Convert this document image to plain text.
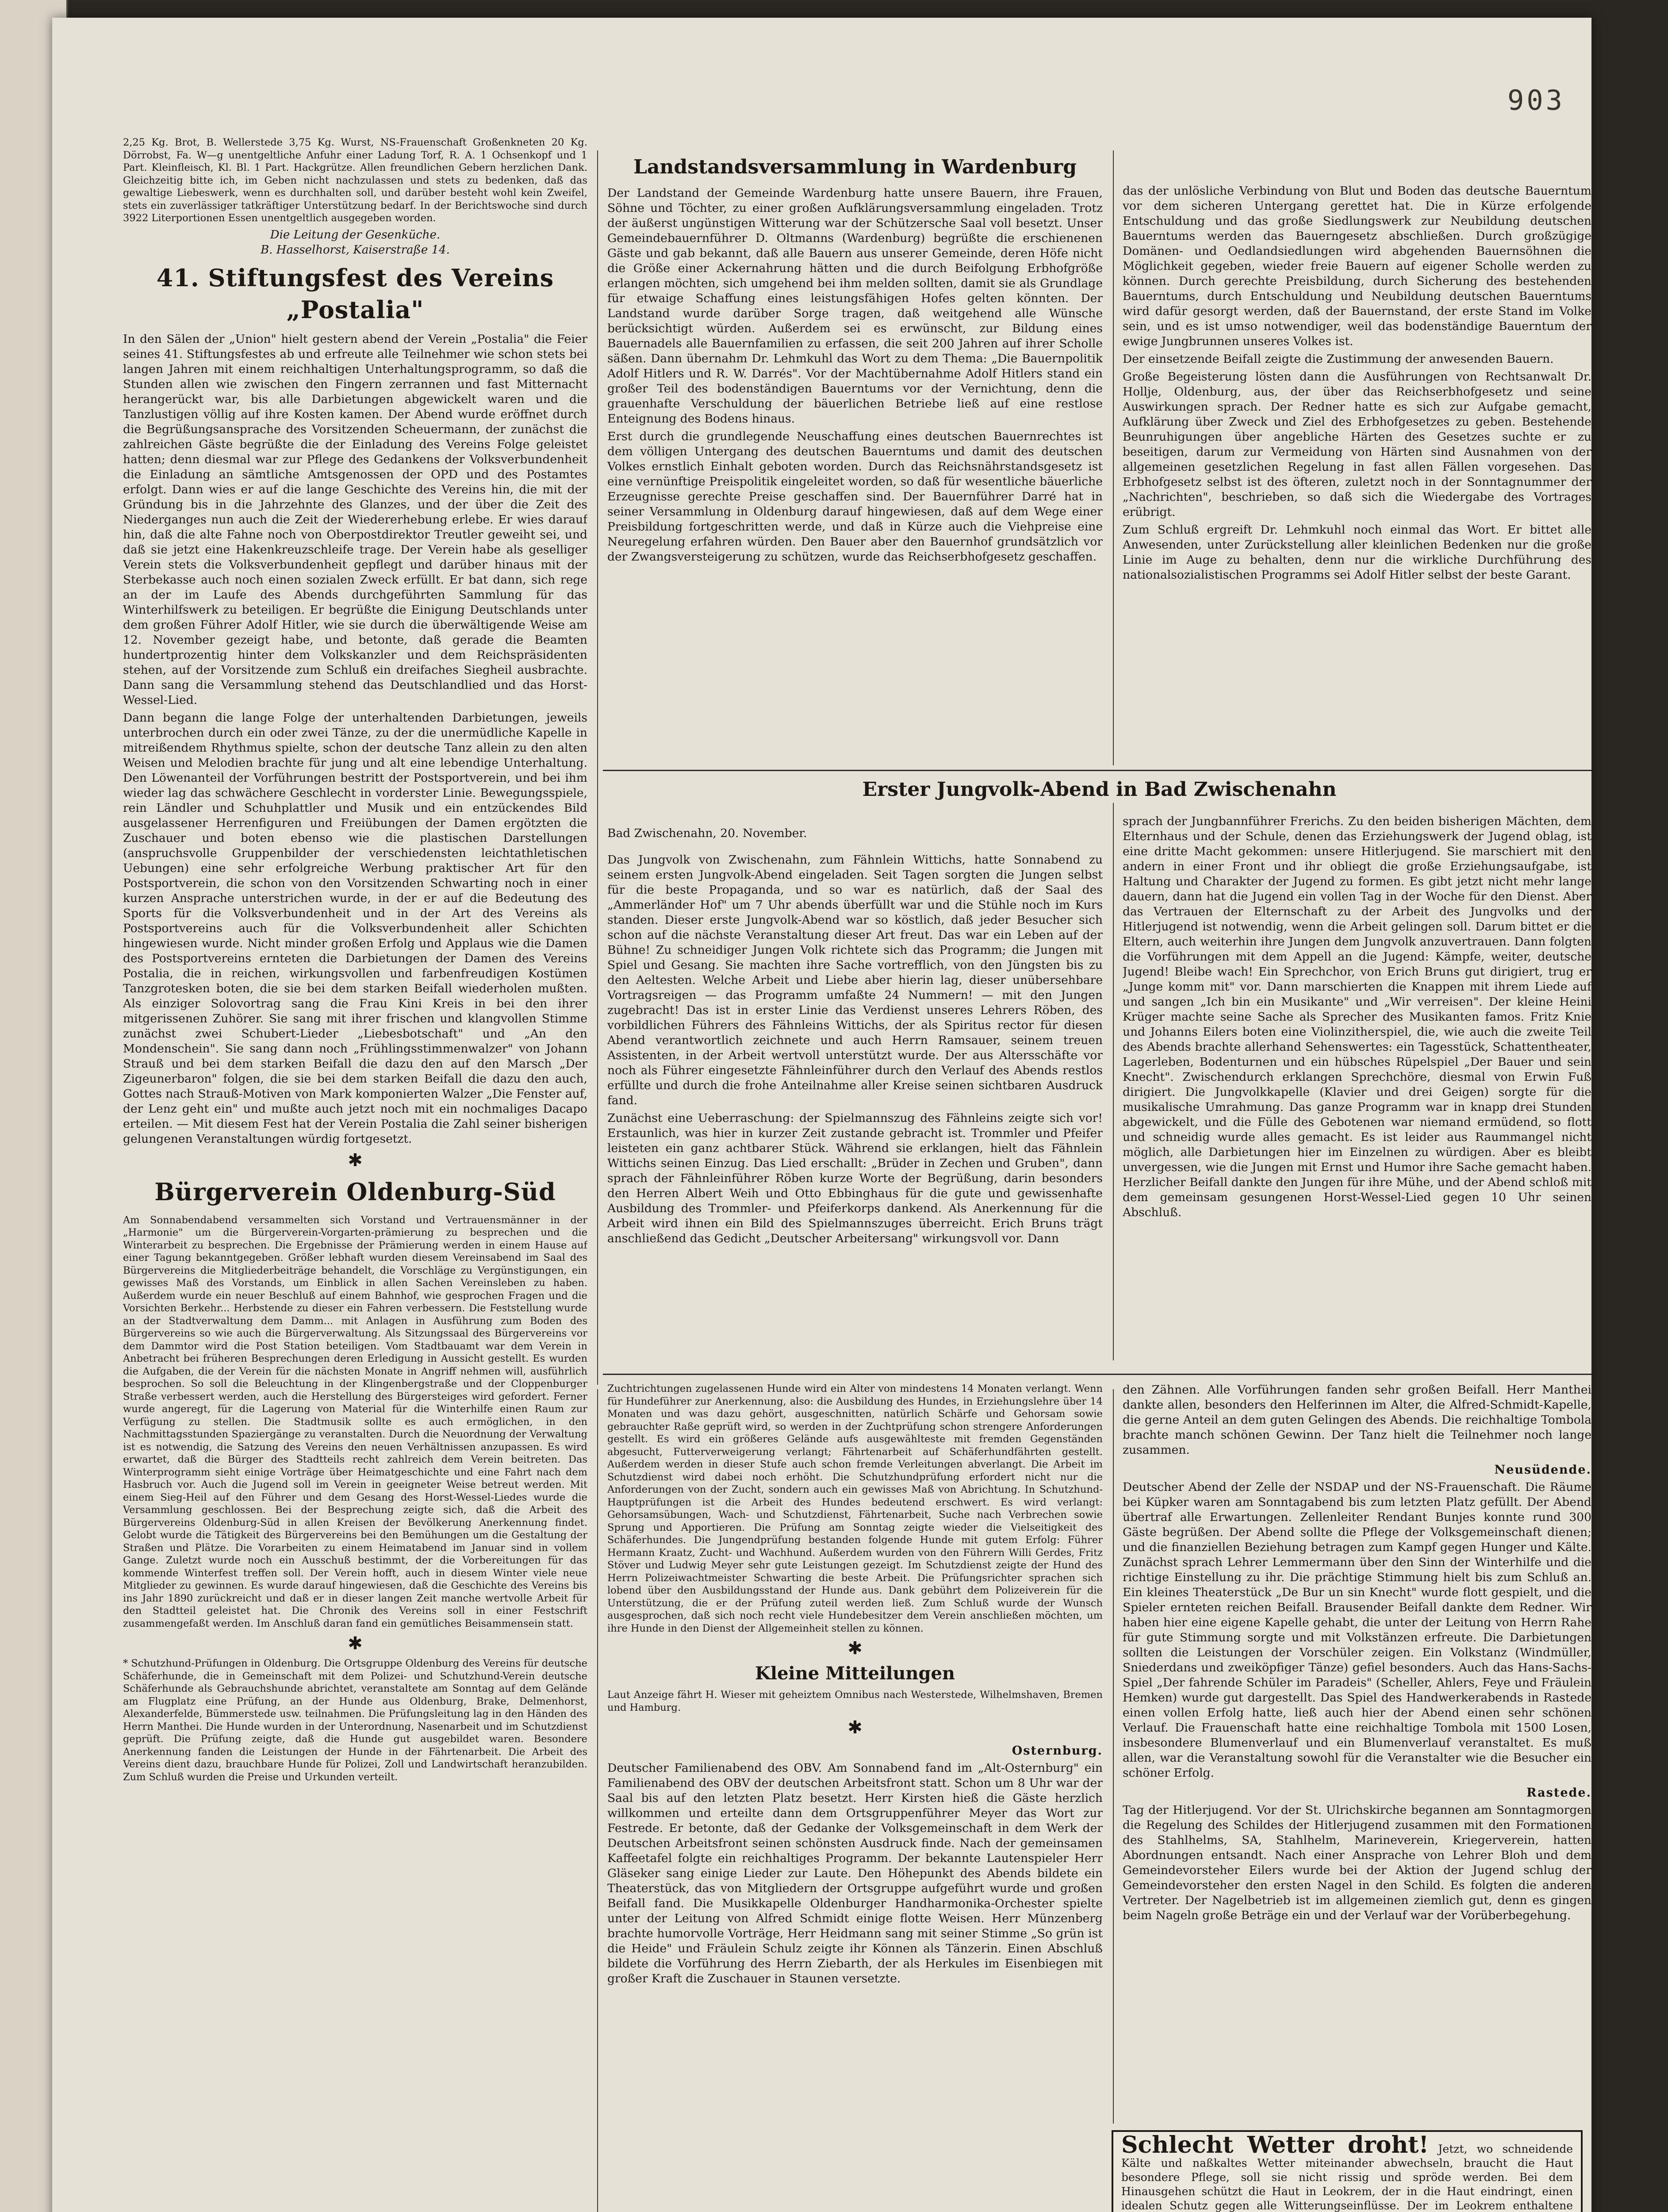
903

2,25 Kg. Brot, B. Wellerstede 3,75 Kg. Wurst, NS-Frauenschaft Großenkneten 20 Kg. Dörrobst, Fa. W—g unentgeltliche Anfuhr einer Ladung Torf, R. A. 1 Ochsenkopf und 1 Part. Kleinfleisch, Kl. Bl. 1 Part. Hackgrütze. Allen freundlichen Gebern herzlichen Dank. Gleichzeitig bitte ich, im Geben nicht nachzulassen und stets zu bedenken, daß das gewaltige Liebeswerk, wenn es durchhalten soll, und darüber besteht wohl kein Zweifel, stets ein zuverlässiger tatkräftiger Unterstützung bedarf. In der Berichtswoche sind durch 3922 Literportionen Essen unentgeltlich ausgegeben worden.

Die Leitung der Gesenküche.
B. Hasselhorst, Kaiserstraße 14.
41. Stiftungsfest des Vereins „Postalia"

In den Sälen der „Union" hielt gestern abend der Verein „Postalia" die Feier seines 41. Stiftungsfestes ab und erfreute alle Teilnehmer wie schon stets bei langen Jahren mit einem reichhaltigen Unterhaltungsprogramm, so daß die Stunden allen wie zwischen den Fingern zerrannen und fast Mitternacht herangerückt war, bis alle Darbietungen abgewickelt waren und die Tanzlustigen völlig auf ihre Kosten kamen. Der Abend wurde eröffnet durch die Begrüßungsansprache des Vorsitzenden Scheuermann, der zunächst die zahlreichen Gäste begrüßte die der Einladung des Vereins Folge geleistet hatten; denn diesmal war zur Pflege des Gedankens der Volksverbundenheit die Einladung an sämtliche Amtsgenossen der OPD und des Postamtes erfolgt. Dann wies er auf die lange Geschichte des Vereins hin, die mit der Gründung bis in die Jahrzehnte des Glanzes, und der über die Zeit des Niederganges nun auch die Zeit der Wiedererhebung erlebe. Er wies darauf hin, daß die alte Fahne noch von Oberpostdirektor Treutler geweiht sei, und daß sie jetzt eine Hakenkreuzschleife trage. Der Verein habe als geselliger Verein stets die Volksverbundenheit gepflegt und darüber hinaus mit der Sterbekasse auch noch einen sozialen Zweck erfüllt. Er bat dann, sich rege an der im Laufe des Abends durchgeführten Sammlung für das Winterhilfswerk zu beteiligen. Er begrüßte die Einigung Deutschlands unter dem großen Führer Adolf Hitler, wie sie durch die überwältigende Weise am 12. November gezeigt habe, und betonte, daß gerade die Beamten hundertprozentig hinter dem Volkskanzler und dem Reichspräsidenten stehen, auf der Vorsitzende zum Schluß ein dreifaches Siegheil ausbrachte. Dann sang die Versammlung stehend das Deutschlandlied und das Horst-Wessel-Lied.

Dann begann die lange Folge der unterhaltenden Darbietungen, jeweils unterbrochen durch ein oder zwei Tänze, zu der die unermüdliche Kapelle in mitreißendem Rhythmus spielte, schon der deutsche Tanz allein zu den alten Weisen und Melodien brachte für jung und alt eine lebendige Unterhaltung. Den Löwenanteil der Vorführungen bestritt der Postsportverein, und bei ihm wieder lag das schwächere Geschlecht in vorderster Linie. Bewegungsspiele, rein Ländler und Schuhplattler und Musik und ein entzückendes Bild ausgelassener Herrenfiguren und Freiübungen der Damen ergötzten die Zuschauer und boten ebenso wie die plastischen Darstellungen (anspruchsvolle Gruppenbilder der verschiedensten leichtathletischen Uebungen) eine sehr erfolgreiche Werbung praktischer Art für den Postsportverein, die schon von den Vorsitzenden Schwarting noch in einer kurzen Ansprache unterstrichen wurde, in der er auf die Bedeutung des Sports für die Volksverbundenheit und in der Art des Vereins als Postsportvereins auch für die Volksverbundenheit aller Schichten hingewiesen wurde. Nicht minder großen Erfolg und Applaus wie die Damen des Postsportvereins ernteten die Darbietungen der Damen des Vereins Postalia, die in reichen, wirkungsvollen und farbenfreudigen Kostümen Tanzgrotesken boten, die sie bei dem starken Beifall wiederholen mußten. Als einziger Solovortrag sang die Frau Kini Kreis in bei den ihrer mitgerissenen Zuhörer. Sie sang mit ihrer frischen und klangvollen Stimme zunächst zwei Schubert-Lieder „Liebesbotschaft" und „An den Mondenschein". Sie sang dann noch „Frühlingsstimmenwalzer" von Johann Strauß und bei dem starken Beifall die dazu den auf den Marsch „Der Zigeunerbaron" folgen, die sie bei dem starken Beifall die dazu den auch, Gottes nach Strauß-Motiven von Mark komponierten Walzer „Die Fenster auf, der Lenz geht ein" und mußte auch jetzt noch mit ein nochmaliges Dacapo erteilen. — Mit diesem Fest hat der Verein Postalia die Zahl seiner bisherigen gelungenen Veranstaltungen würdig fortgesetzt.

✱
Bürgerverein Oldenburg-Süd

Am Sonnabendabend versammelten sich Vorstand und Vertrauensmänner in der „Harmonie" um die Bürgerverein-Vorgarten-prämierung zu besprechen und die Winterarbeit zu besprechen. Die Ergebnisse der Prämierung werden in einem Hause auf einer Tagung bekanntgegeben. Größer lebhaft wurden diesem Vereinsabend im Saal des Bürgervereins die Mitgliederbeiträge behandelt, die Vorschläge zu Vergünstigungen, ein gewisses Maß des Vorstands, um Einblick in allen Sachen Vereinsleben zu haben. Außerdem wurde ein neuer Beschluß auf einem Bahnhof, wie gesprochen Fragen und die Vorsichten Berkehr... Herbstende zu dieser ein Fahren verbessern. Die Feststellung wurde an der Stadtverwaltung dem Damm... mit Anlagen in Ausführung zum Boden des Bürgervereins so wie auch die Bürgerverwaltung. Als Sitzungssaal des Bürgervereins vor dem Dammtor wird die Post Station beteiligen. Vom Stadtbauamt war dem Verein in Anbetracht bei früheren Besprechungen deren Erledigung in Aussicht gestellt. Es wurden die Aufgaben, die der Verein für die nächsten Monate in Angriff nehmen will, ausführlich besprochen. So soll die Beleuchtung in der Klingenbergstraße und der Cloppenburger Straße verbessert werden, auch die Herstellung des Bürgersteiges wird gefordert. Ferner wurde angeregt, für die Lagerung von Material für die Winterhilfe einen Raum zur Verfügung zu stellen. Die Stadtmusik sollte es auch ermöglichen, in den Nachmittagsstunden Spaziergänge zu veranstalten. Durch die Neuordnung der Verwaltung ist es notwendig, die Satzung des Vereins den neuen Verhältnissen anzupassen. Es wird erwartet, daß die Bürger des Stadtteils recht zahlreich dem Verein beitreten. Das Winterprogramm sieht einige Vorträge über Heimatgeschichte und eine Fahrt nach dem Hasbruch vor. Auch die Jugend soll im Verein in geeigneter Weise betreut werden. Mit einem Sieg-Heil auf den Führer und dem Gesang des Horst-Wessel-Liedes wurde die Versammlung geschlossen. Bei der Besprechung zeigte sich, daß die Arbeit des Bürgervereins Oldenburg-Süd in allen Kreisen der Bevölkerung Anerkennung findet. Gelobt wurde die Tätigkeit des Bürgervereins bei den Bemühungen um die Gestaltung der Straßen und Plätze. Die Vorarbeiten zu einem Heimatabend im Januar sind in vollem Gange. Zuletzt wurde noch ein Ausschuß bestimmt, der die Vorbereitungen für das kommende Winterfest treffen soll. Der Verein hofft, auch in diesem Winter viele neue Mitglieder zu gewinnen. Es wurde darauf hingewiesen, daß die Geschichte des Vereins bis ins Jahr 1890 zurückreicht und daß er in dieser langen Zeit manche wertvolle Arbeit für den Stadtteil geleistet hat. Die Chronik des Vereins soll in einer Festschrift zusammengefaßt werden. Im Anschluß daran fand ein gemütliches Beisammensein statt.

✱

* Schutzhund-Prüfungen in Oldenburg. Die Ortsgruppe Oldenburg des Vereins für deutsche Schäferhunde, die in Gemeinschaft mit dem Polizei- und Schutzhund-Verein deutsche Schäferhunde als Gebrauchshunde abrichtet, veranstaltete am Sonntag auf dem Gelände am Flugplatz eine Prüfung, an der Hunde aus Oldenburg, Brake, Delmenhorst, Alexanderfelde, Bümmerstede usw. teilnahmen. Die Prüfungsleitung lag in den Händen des Herrn Manthei. Die Hunde wurden in der Unterordnung, Nasenarbeit und im Schutzdienst geprüft. Die Prüfung zeigte, daß die Hunde gut ausgebildet waren. Besondere Anerkennung fanden die Leistungen der Hunde in der Fährtenarbeit. Die Arbeit des Vereins dient dazu, brauchbare Hunde für Polizei, Zoll und Landwirtschaft heranzubilden. Zum Schluß wurden die Preise und Urkunden verteilt.

Landstandsversammlung in Wardenburg

Der Landstand der Gemeinde Wardenburg hatte unsere Bauern, ihre Frauen, Söhne und Töchter, zu einer großen Aufklärungsversammlung eingeladen. Trotz der äußerst ungünstigen Witterung war der Schützersche Saal voll besetzt. Unser Gemeindebauernführer D. Oltmanns (Wardenburg) begrüßte die erschienenen Gäste und gab bekannt, daß alle Bauern aus unserer Gemeinde, deren Höfe nicht die Größe einer Ackernahrung hätten und die durch Beifolgung Erbhofgröße erlangen möchten, sich umgehend bei ihm melden sollten, damit sie als Grundlage für etwaige Schaffung eines leistungsfähigen Hofes gelten könnten. Der Landstand wurde darüber Sorge tragen, daß weitgehend alle Wünsche berücksichtigt würden. Außerdem sei es erwünscht, zur Bildung eines Bauernadels alle Bauernfamilien zu erfassen, die seit 200 Jahren auf ihrer Scholle säßen. Dann übernahm Dr. Lehmkuhl das Wort zu dem Thema: „Die Bauernpolitik Adolf Hitlers und R. W. Darrés". Vor der Machtübernahme Adolf Hitlers stand ein großer Teil des bodenständigen Bauerntums vor der Vernichtung, denn die grauenhafte Verschuldung der bäuerlichen Betriebe ließ auf eine restlose Enteignung des Bodens hinaus.

Erst durch die grundlegende Neuschaffung eines deutschen Bauernrechtes ist dem völligen Untergang des deutschen Bauerntums und damit des deutschen Volkes ernstlich Einhalt geboten worden. Durch das Reichsnährstandsgesetz ist eine vernünftige Preispolitik eingeleitet worden, so daß für wesentliche bäuerliche Erzeugnisse gerechte Preise geschaffen sind. Der Bauernführer Darré hat in seiner Versammlung in Oldenburg darauf hingewiesen, daß auf dem Wege einer Preisbildung fortgeschritten werde, und daß in Kürze auch die Viehpreise eine Neuregelung erfahren würden. Den Bauer aber den Bauernhof grundsätzlich vor der Zwangsversteigerung zu schützen, wurde das Reichserbhofgesetz geschaffen.

das der unlösliche Verbindung von Blut und Boden das deutsche Bauerntum vor dem sicheren Untergang gerettet hat. Die in Kürze erfolgende Entschuldung und das große Siedlungswerk zur Neubildung deutschen Bauerntums werden das Bauerngesetz abschließen. Durch großzügige Domänen- und Oedlandsiedlungen wird abgehenden Bauernsöhnen die Möglichkeit gegeben, wieder freie Bauern auf eigener Scholle werden zu können. Durch gerechte Preisbildung, durch Sicherung des bestehenden Bauerntums, durch Entschuldung und Neubildung deutschen Bauerntums wird dafür gesorgt werden, daß der Bauernstand, der erste Stand im Volke sein, und es ist umso notwendiger, weil das bodenständige Bauerntum der ewige Jungbrunnen unseres Volkes ist.

Der einsetzende Beifall zeigte die Zustimmung der anwesenden Bauern.

Große Begeisterung lösten dann die Ausführungen von Rechtsanwalt Dr. Hollje, Oldenburg, aus, der über das Reichserbhofgesetz und seine Auswirkungen sprach. Der Redner hatte es sich zur Aufgabe gemacht, Aufklärung über Zweck und Ziel des Erbhofgesetzes zu geben. Bestehende Beunruhigungen über angebliche Härten des Gesetzes suchte er zu beseitigen, darum zur Vermeidung von Härten sind Ausnahmen von der allgemeinen gesetzlichen Regelung in fast allen Fällen vorgesehen. Das Erbhofgesetz selbst ist des öfteren, zuletzt noch in der Sonntagnummer der „Nachrichten", beschrieben, so daß sich die Wiedergabe des Vortrages erübrigt.

Zum Schluß ergreift Dr. Lehmkuhl noch einmal das Wort. Er bittet alle Anwesenden, unter Zurückstellung aller kleinlichen Bedenken nur die große Linie im Auge zu behalten, denn nur die wirkliche Durchführung des nationalsozialistischen Programms sei Adolf Hitler selbst der beste Garant.

Erster Jungvolk-Abend in Bad Zwischenahn

Bad Zwischenahn, 20. November.

Das Jungvolk von Zwischenahn, zum Fähnlein Wittichs, hatte Sonnabend zu seinem ersten Jungvolk-Abend eingeladen. Seit Tagen sorgten die Jungen selbst für die beste Propaganda, und so war es natürlich, daß der Saal des „Ammerländer Hof" um 7 Uhr abends überfüllt war und die Stühle noch im Kurs standen. Dieser erste Jungvolk-Abend war so köstlich, daß jeder Besucher sich schon auf die nächste Veranstaltung dieser Art freut. Das war ein Leben auf der Bühne! Zu schneidiger Jungen Volk richtete sich das Programm; die Jungen mit Spiel und Gesang. Sie machten ihre Sache vortrefflich, von den Jüngsten bis zu den Aeltesten. Welche Arbeit und Liebe aber hierin lag, dieser unübersehbare Vortragsreigen — das Programm umfaßte 24 Nummern! — mit den Jungen zugebracht! Das ist in erster Linie das Verdienst unseres Lehrers Röben, des vorbildlichen Führers des Fähnleins Wittichs, der als Spiritus rector für diesen Abend verantwortlich zeichnete und auch Herrn Ramsauer, seinem treuen Assistenten, in der Arbeit wertvoll unterstützt wurde. Der aus Altersschäfte vor noch als Führer eingesetzte Fähnleinführer durch den Verlauf des Abends restlos erfüllte und durch die frohe Anteilnahme aller Kreise seinen sichtbaren Ausdruck fand.

Zunächst eine Ueberraschung: der Spielmannszug des Fähnleins zeigte sich vor! Erstaunlich, was hier in kurzer Zeit zustande gebracht ist. Trommler und Pfeifer leisteten ein ganz achtbarer Stück. Während sie erklangen, hielt das Fähnlein Wittichs seinen Einzug. Das Lied erschallt: „Brüder in Zechen und Gruben", dann sprach der Fähnleinführer Röben kurze Worte der Begrüßung, darin besonders den Herren Albert Weih und Otto Ebbinghaus für die gute und gewissenhafte Ausbildung des Trommler- und Pfeiferkorps dankend. Als Anerkennung für die Arbeit wird ihnen ein Bild des Spielmannszuges überreicht. Erich Bruns trägt anschließend das Gedicht „Deutscher Arbeitersang" wirkungsvoll vor. Dann

sprach der Jungbannführer Frerichs. Zu den beiden bisherigen Mächten, dem Elternhaus und der Schule, denen das Erziehungswerk der Jugend oblag, ist eine dritte Macht gekommen: unsere Hitlerjugend. Sie marschiert mit den andern in einer Front und ihr obliegt die große Erziehungsaufgabe, ist Haltung und Charakter der Jugend zu formen. Es gibt jetzt nicht mehr lange dauern, dann hat die Jugend ein vollen Tag in der Woche für den Dienst. Aber das Vertrauen der Elternschaft zu der Arbeit des Jungvolks und der Hitlerjugend ist notwendig, wenn die Arbeit gelingen soll. Darum bittet er die Eltern, auch weiterhin ihre Jungen dem Jungvolk anzuvertrauen. Dann folgten die Vorführungen mit dem Appell an die Jugend: Kämpfe, weiter, deutsche Jugend! Bleibe wach! Ein Sprechchor, von Erich Bruns gut dirigiert, trug er „Junge komm mit" vor. Dann marschierten die Knappen mit ihrem Liede auf und sangen „Ich bin ein Musikante" und „Wir verreisen". Der kleine Heini Krüger machte seine Sache als Sprecher des Musikanten famos. Fritz Knie und Johanns Eilers boten eine Violinzitherspiel, die, wie auch die zweite Teil des Abends brachte allerhand Sehenswertes: ein Tagesstück, Schattentheater, Lagerleben, Bodenturnen und ein hübsches Rüpelspiel „Der Bauer und sein Knecht". Zwischendurch erklangen Sprechchöre, diesmal von Erwin Fuß dirigiert. Die Jungvolkkapelle (Klavier und drei Geigen) sorgte für die musikalische Umrahmung. Das ganze Programm war in knapp drei Stunden abgewickelt, und die Fülle des Gebotenen war niemand ermüdend, so flott und schneidig wurde alles gemacht. Es ist leider aus Raummangel nicht möglich, alle Darbietungen hier im Einzelnen zu würdigen. Aber es bleibt unvergessen, wie die Jungen mit Ernst und Humor ihre Sache gemacht haben. Herzlicher Beifall dankte den Jungen für ihre Mühe, und der Abend schloß mit dem gemeinsam gesungenen Horst-Wessel-Lied gegen 10 Uhr seinen Abschluß.

Zuchtrichtungen zugelassenen Hunde wird ein Alter von mindestens 14 Monaten verlangt. Wenn für Hundeführer zur Anerkennung, also: die Ausbildung des Hundes, in Erziehungslehre über 14 Monaten und was dazu gehört, ausgeschnitten, natürlich Schärfe und Gehorsam sowie gebrauchter Raße geprüft wird, so werden in der Zuchtprüfung schon strengere Anforderungen gestellt. Es wird ein größeres Gelände aufs ausgewählteste mit fremden Gegenständen abgesucht, Futterverweigerung verlangt; Fährtenarbeit auf Schäferhundfährten gestellt. Außerdem werden in dieser Stufe auch schon fremde Verleitungen abverlangt. Die Arbeit im Schutzdienst wird dabei noch erhöht. Die Schutzhundprüfung erfordert nicht nur die Anforderungen von der Zucht, sondern auch ein gewisses Maß von Abrichtung. In Schutzhund-Hauptprüfungen ist die Arbeit des Hundes bedeutend erschwert. Es wird verlangt: Gehorsamsübungen, Wach- und Schutzdienst, Fährtenarbeit, Suche nach Verbrechen sowie Sprung und Apportieren. Die Prüfung am Sonntag zeigte wieder die Vielseitigkeit des Schäferhundes. Die Jungendprüfung bestanden folgende Hunde mit gutem Erfolg: Führer Hermann Kraatz, Zucht- und Wachhund. Außerdem wurden von den Führern Willi Gerdes, Fritz Stöver und Ludwig Meyer sehr gute Leistungen gezeigt. Im Schutzdienst zeigte der Hund des Herrn Polizeiwachtmeister Schwarting die beste Arbeit. Die Prüfungsrichter sprachen sich lobend über den Ausbildungsstand der Hunde aus. Dank gebührt dem Polizeiverein für die Unterstützung, die er der Prüfung zuteil werden ließ. Zum Schluß wurde der Wunsch ausgesprochen, daß sich noch recht viele Hundebesitzer dem Verein anschließen möchten, um ihre Hunde in den Dienst der Allgemeinheit stellen zu können.

✱
Kleine Mitteilungen

Laut Anzeige fährt H. Wieser mit geheiztem Omnibus nach Westerstede, Wilhelmshaven, Bremen und Hamburg.

✱
Osternburg.

Deutscher Familienabend des OBV. Am Sonnabend fand im „Alt-Osternburg" ein Familienabend des OBV der deutschen Arbeitsfront statt. Schon um 8 Uhr war der Saal bis auf den letzten Platz besetzt. Herr Kirsten hieß die Gäste herzlich willkommen und erteilte dann dem Ortsgruppenführer Meyer das Wort zur Festrede. Er betonte, daß der Gedanke der Volksgemeinschaft in dem Werk der Deutschen Arbeitsfront seinen schönsten Ausdruck finde. Nach der gemeinsamen Kaffeetafel folgte ein reichhaltiges Programm. Der bekannte Lautenspieler Herr Gläseker sang einige Lieder zur Laute. Den Höhepunkt des Abends bildete ein Theaterstück, das von Mitgliedern der Ortsgruppe aufgeführt wurde und großen Beifall fand. Die Musikkapelle Oldenburger Handharmonika-Orchester spielte unter der Leitung von Alfred Schmidt einige flotte Weisen. Herr Münzenberg brachte humorvolle Vorträge, Herr Heidmann sang mit seiner Stimme „So grün ist die Heide" und Fräulein Schulz zeigte ihr Können als Tänzerin. Einen Abschluß bildete die Vorführung des Herrn Ziebarth, der als Herkules im Eisenbiegen mit großer Kraft die Zuschauer in Staunen versetzte.

den Zähnen. Alle Vorführungen fanden sehr großen Beifall. Herr Manthei dankte allen, besonders den Helferinnen im Alter, die Alfred-Schmidt-Kapelle, die gerne Anteil an dem guten Gelingen des Abends. Die reichhaltige Tombola brachte manch schönen Gewinn. Der Tanz hielt die Teilnehmer noch lange zusammen.

Neusüdende.

Deutscher Abend der Zelle der NSDAP und der NS-Frauenschaft. Die Räume bei Küpker waren am Sonntagabend bis zum letzten Platz gefüllt. Der Abend übertraf alle Erwartungen. Zellenleiter Rendant Bunjes konnte rund 300 Gäste begrüßen. Der Abend sollte die Pflege der Volksgemeinschaft dienen; und die finanziellen Beziehung betragen zum Kampf gegen Hunger und Kälte. Zunächst sprach Lehrer Lemmermann über den Sinn der Winterhilfe und die richtige Einstellung zu ihr. Die prächtige Stimmung hielt bis zum Schluß an. Ein kleines Theaterstück „De Bur un sin Knecht" wurde flott gespielt, und die Spieler ernteten reichen Beifall. Brausender Beifall dankte dem Redner. Wir haben hier eine eigene Kapelle gehabt, die unter der Leitung von Herrn Rahe für gute Stimmung sorgte und mit Volkstänzen erfreute. Die Darbietungen sollten die Leistungen der Vorschüler zeigen. Ein Volkstanz (Windmüller, Sniederdans und zweiköpfiger Tänze) gefiel besonders. Auch das Hans-Sachs-Spiel „Der fahrende Schüler im Paradeis" (Scheller, Ahlers, Feye und Fräulein Hemken) wurde gut dargestellt. Das Spiel des Handwerkerabends in Rastede einen vollen Erfolg hatte, ließ auch hier der Abend einen sehr schönen Verlauf. Die Frauenschaft hatte eine reichhaltige Tombola mit 1500 Losen, insbesondere Blumenverlauf und ein Blumenverlauf veranstaltet. Es muß allen, war die Veranstaltung sowohl für die Veranstalter wie die Besucher ein schöner Erfolg.

Rastede.

Tag der Hitlerjugend. Vor der St. Ulrichskirche begannen am Sonntagmorgen die Regelung des Schildes der Hitlerjugend zusammen mit den Formationen des Stahlhelms, SA, Stahlhelm, Marineverein, Kriegerverein, hatten Abordnungen entsandt. Nach einer Ansprache von Lehrer Bloh und dem Gemeindevorsteher Eilers wurde bei der Aktion der Jugend schlug der Gemeindevorsteher den ersten Nagel in den Schild. Es folgten die anderen Vertreter. Der Nagelbetrieb ist im allgemeinen ziemlich gut, denn es gingen beim Nageln große Beträge ein und der Verlauf war der Vorüberbegehung.

Schlecht Wetter droht! Jetzt, wo schneidende Kälte und naßkaltes Wetter miteinander abwechseln, braucht die Haut besondere Pflege, soll sie nicht rissig und spröde werden. Bei dem Hinausgehen schützt die Haut in Leokrem, der in die Haut eindringt, einen idealen Schutz gegen alle Witterungseinflüsse. Der im Leokrem enthaltene
